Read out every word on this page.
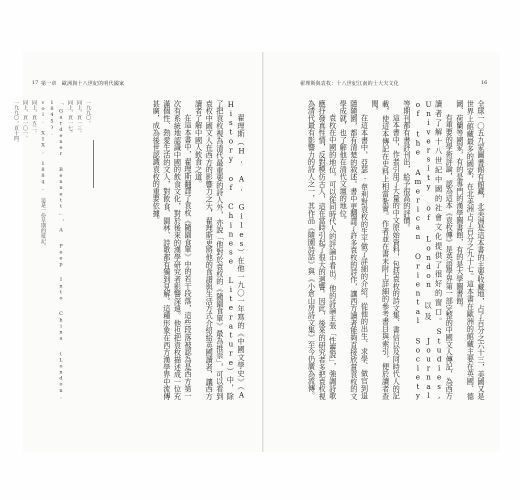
17 第一章　歐洲與十八世紀的明代國家	翟理斯與袁枚：十八世紀江南的士大夫文化	16

全球一〇五九家圖書館有館藏，北美洲是這本書的主要收藏地，占了百分之六十三，美國又是世界上館藏最多的國家，在北美洲占了百分之九十七。這本書在歐洲的館藏主要在英國、德國、荷蘭等國家，有的是專門的漢學圖書館，有的是大學圖書館。

有重要的學術評論，認為這本《袁枚傳》是英語學界第一部完整的中國文人傳記，為西方讀者了解十八世紀中國的社會文化提供了很好的窗口。Studies, University of London 以及 Journal of the American Oriental Society 等期刊都有書評刊出，給予很高的評價。

這本書中，作者引用了大量的中文原始資料，包括袁枚的詩文集、書信以及同時代人的記載，使這本傳記在史料上相當紮實。作者並在書末附上詳細的參考書目與索引，便於讀者查閱。

在這本書中，亞瑟·韋利對袁枚的生平做了詳細的介紹，從他的出生、求學、做官到退隱隨園，都有清楚的敘述。書中更翻譯了許多袁枚的詩作，讓西方讀者能夠直接欣賞袁枚的文學成就，也了解他在清代文壇的地位。

袁枚在中國的地位，可以從同時代人的評論中看出。他的詩論主張「性靈說」，強調詩歌應抒發真性情，反對模仿古人，這在當時引起了很大的迴響。因此，後來的研究者多把袁枚視為清代最有影響力的詩人之一，其作品《隨園詩話》與《小倉山房詩文集》至今仍廣為流傳。

翟理斯（H. A. Giles）在他一九〇一年寫的《中國文學史》（A History of Chinese Literature）中，除了把袁枚視為清代最重要的詩人外，亦說「他對於袁枚的《隨園食單》最為推崇」，可以看到袁枚中國文人在西方的影響力之大，翟理斯更將他的食譜與生活方式介紹給英國讀者，讓西方讀者了解中國人飲食之道。

在這本書中，翟理斯翻譯了袁枚《隨園食單》中的若干段落，這些段落被認為是西方第一次有系統地認識中國的飲食文化，對於後來的漢學研究者影響深遠。他也把袁枚描述成一位充滿個性、熱愛生活的文人，對飲食、園林、詩歌都有獨到見解。這種形象在西方漢學界中流傳甚廣，成為後世認識袁枚的重要依據。

一九九〇。
同上，頁一三。
同上，頁一七。
「Gardener Bennett」，A Peep Into China (London, 1845).
vol. XIX, 1884, 這是一份早期的遊記。
同上，頁五二。
同上，頁一〇一。
一九九〇，頁十四。
